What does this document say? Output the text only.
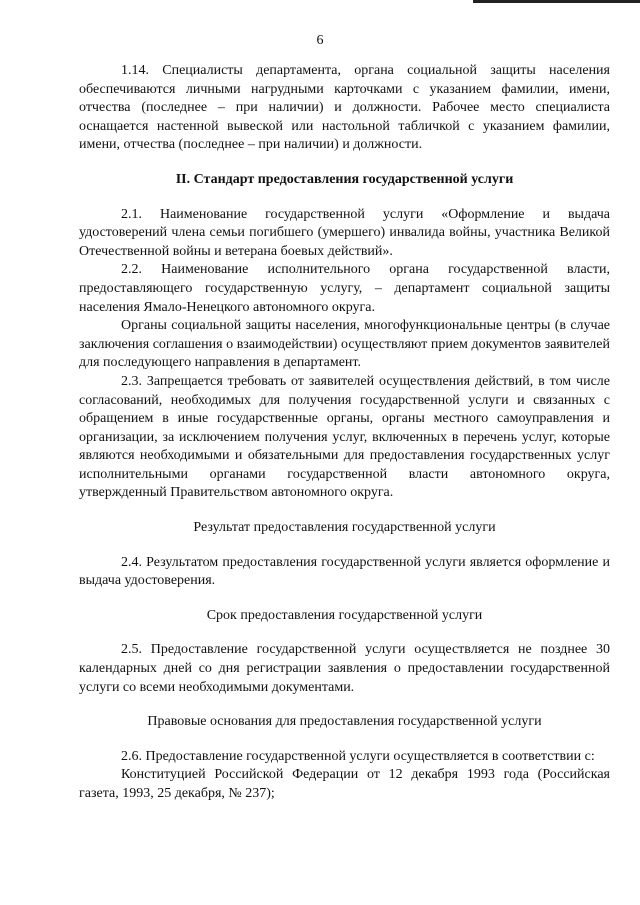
6

1.14. Специалисты департамента, органа социальной защиты населения обеспечиваются личными нагрудными карточками с указанием фамилии, имени, отчества (последнее – при наличии) и должности. Рабочее место специалиста оснащается настенной вывеской или настольной табличкой с указанием фамилии, имени, отчества (последнее – при наличии) и должности.

II. Стандарт предоставления государственной услуги

2.1. Наименование государственной услуги «Оформление и выдача удостоверений члена семьи погибшего (умершего) инвалида войны, участника Великой Отечественной войны и ветерана боевых действий».

2.2. Наименование исполнительного органа государственной власти, предоставляющего государственную услугу, – департамент социальной защиты населения Ямало-Ненецкого автономного округа.

Органы социальной защиты населения, многофункциональные центры (в случае заключения соглашения о взаимодействии) осуществляют прием документов заявителей для последующего направления в департамент.

2.3. Запрещается требовать от заявителей осуществления действий, в том числе согласований, необходимых для получения государственной услуги и связанных с обращением в иные государственные органы, органы местного самоуправления и организации, за исключением получения услуг, включенных в перечень услуг, которые являются необходимыми и обязательными для предоставления государственных услуг исполнительными органами государственной власти автономного округа, утвержденный Правительством автономного округа.

Результат предоставления государственной услуги

2.4. Результатом предоставления государственной услуги является оформление и выдача удостоверения.

Срок предоставления государственной услуги

2.5. Предоставление государственной услуги осуществляется не позднее 30 календарных дней со дня регистрации заявления о предоставлении государственной услуги со всеми необходимыми документами.

Правовые основания для предоставления государственной услуги

2.6. Предоставление государственной услуги осуществляется в соответствии с:

Конституцией Российской Федерации от 12 декабря 1993 года (Российская газета, 1993, 25 декабря, № 237);
